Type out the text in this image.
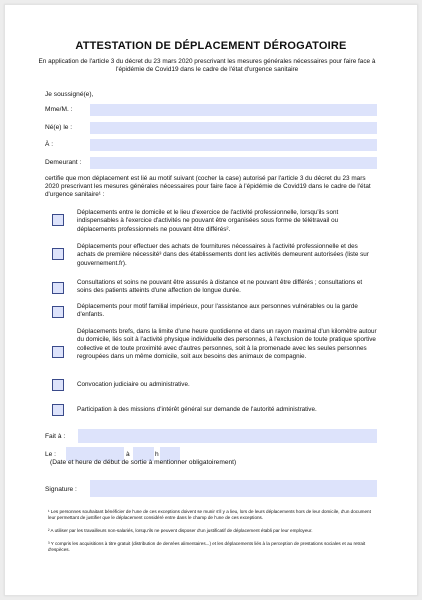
ATTESTATION DE DÉPLACEMENT DÉROGATOIRE
En application de l'article 3 du décret du 23 mars 2020 prescrivant les mesures générales nécessaires pour faire face à l'épidémie de Covid19 dans le cadre de l'état d'urgence sanitaire
Je soussigné(e),
Mme/M. :
Né(e) le :
À :
Demeurant :
certifie que mon déplacement est lié au motif suivant (cocher la case) autorisé par l'article 3 du décret du 23 mars 2020 prescrivant les mesures générales nécessaires pour faire face à l'épidémie de Covid19 dans le cadre de l'état d'urgence sanitaire¹ :
Déplacements entre le domicile et le lieu d'exercice de l'activité professionnelle, lorsqu'ils sont indispensables à l'exercice d'activités ne pouvant être organisées sous forme de télétravail ou déplacements professionnels ne pouvant être différés².
Déplacements pour effectuer des achats de fournitures nécessaires à l'activité professionnelle et des achats de première nécessité³ dans des établissements dont les activités demeurent autorisées (liste sur gouvernement.fr).
Consultations et soins ne pouvant être assurés à distance et ne pouvant être différés ; consultations et soins des patients atteints d'une affection de longue durée.
Déplacements pour motif familial impérieux, pour l'assistance aux personnes vulnérables ou la garde d'enfants.
Déplacements brefs, dans la limite d'une heure quotidienne et dans un rayon maximal d'un kilomètre autour du domicile, liés soit à l'activité physique individuelle des personnes, à l'exclusion de toute pratique sportive collective et de toute proximité avec d'autres personnes, soit à la promenade avec les seules personnes regroupées dans un même domicile, soit aux besoins des animaux de compagnie.
Convocation judiciaire ou administrative.
Participation à des missions d'intérêt général sur demande de l'autorité administrative.
Fait à :
Le :	à	h
(Date et heure de début de sortie à mentionner obligatoirement)
Signature :
¹ Les personnes souhaitant bénéficier de l'une de ces exceptions doivent se munir s'il y a lieu, lors de leurs déplacements hors de leur domicile, d'un document leur permettant de justifier que le déplacement considéré entre dans le champ de l'une de ces exceptions.
² A utiliser par les travailleurs non-salariés, lorsqu'ils ne peuvent disposer d'un justificatif de déplacement établi par leur employeur.
³ Y compris les acquisitions à titre gratuit (distribution de denrées alimentaires...) et les déplacements liés à la perception de prestations sociales et au retrait d'espèces.
